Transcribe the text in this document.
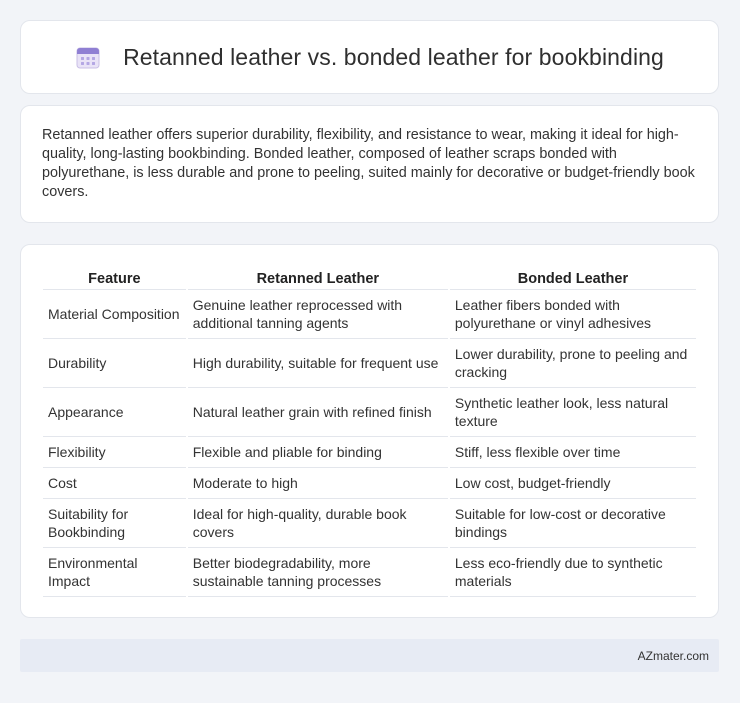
Retanned leather vs. bonded leather for bookbinding

Retanned leather offers superior durability, flexibility, and resistance to wear, making it ideal for high-quality, long-lasting bookbinding. Bonded leather, composed of leather scraps bonded with polyurethane, is less durable and prone to peeling, suited mainly for decorative or budget-friendly book covers.

Feature	Retanned Leather	Bonded Leather
Material Composition	Genuine leather reprocessed with additional tanning agents	Leather fibers bonded with polyurethane or vinyl adhesives
Durability	High durability, suitable for frequent use	Lower durability, prone to peeling and cracking
Appearance	Natural leather grain with refined finish	Synthetic leather look, less natural texture
Flexibility	Flexible and pliable for binding	Stiff, less flexible over time
Cost	Moderate to high	Low cost, budget-friendly
Suitability for Bookbinding	Ideal for high-quality, durable book covers	Suitable for low-cost or decorative bindings
Environmental Impact	Better biodegradability, more sustainable tanning processes	Less eco-friendly due to synthetic materials
AZmater.com
